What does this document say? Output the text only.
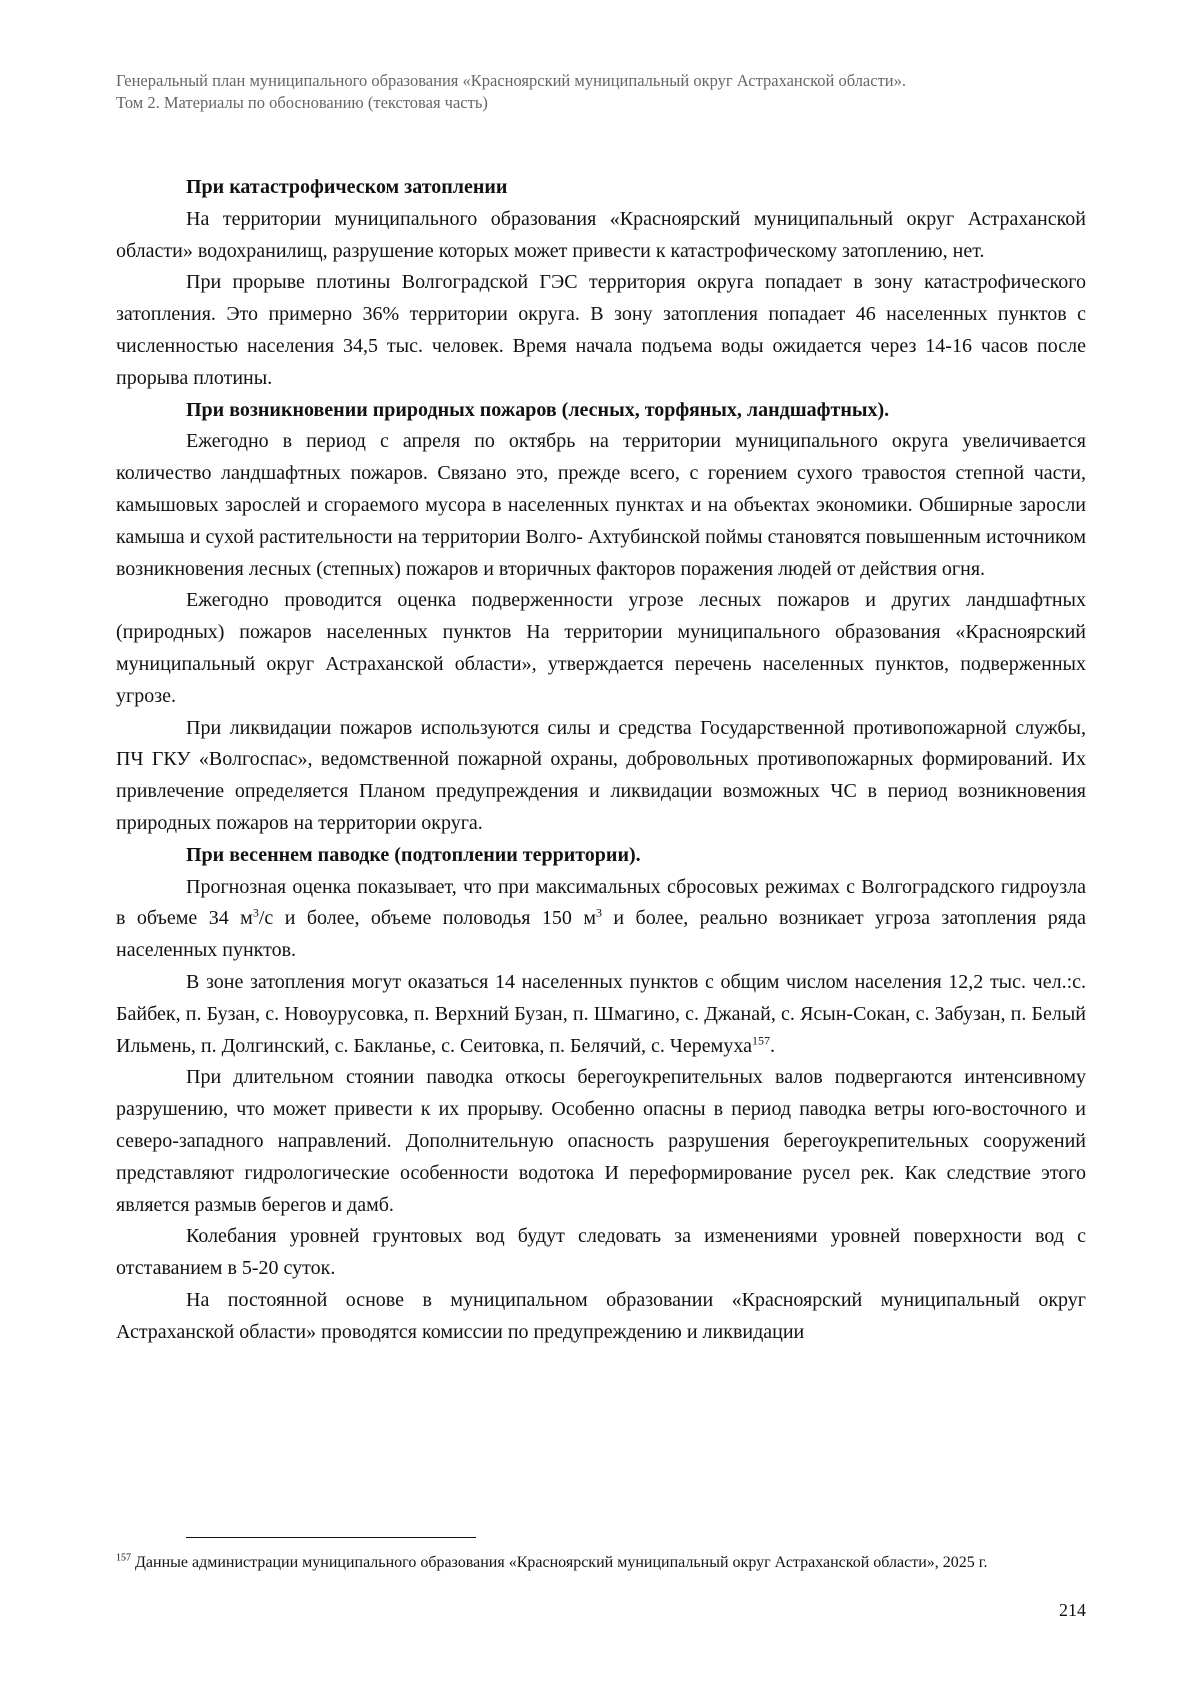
Генеральный план муниципального образования «Красноярский муниципальный округ Астраханской области».

Том 2. Материалы по обоснованию (текстовая часть)

При катастрофическом затоплении

На территории муниципального образования «Красноярский муниципальный округ Астраханской области» водохранилищ, разрушение которых может привести к катастрофическому затоплению, нет.

При прорыве плотины Волгоградской ГЭС территория округа попадает в зону катастрофического затопления. Это примерно 36% территории округа. В зону затопления попадает 46 населенных пунктов с численностью населения 34,5 тыс. человек. Время начала подъема воды ожидается через 14-16 часов после прорыва плотины.

При возникновении природных пожаров (лесных, торфяных, ландшафтных).

Ежегодно в период с апреля по октябрь на территории муниципального округа увеличивается количество ландшафтных пожаров. Связано это, прежде всего, с горением сухого травостоя степной части, камышовых зарослей и сгораемого мусора в населенных пунктах и на объектах экономики. Обширные заросли камыша и сухой растительности на территории Волго- Ахтубинской поймы становятся повышенным источником возникновения лесных (степных) пожаров и вторичных факторов поражения людей от действия огня.

Ежегодно проводится оценка подверженности угрозе лесных пожаров и других ландшафтных (природных) пожаров населенных пунктов На территории муниципального образования «Красноярский муниципальный округ Астраханской области», утверждается перечень населенных пунктов, подверженных угрозе.

При ликвидации пожаров используются силы и средства Государственной противопожарной службы, ПЧ ГКУ «Волгоспас», ведомственной пожарной охраны, добровольных противопожарных формирований. Их привлечение определяется Планом предупреждения и ликвидации возможных ЧС в период возникновения природных пожаров на территории округа.

При весеннем паводке (подтоплении территории).

Прогнозная оценка показывает, что при максимальных сбросовых режимах с Волгоградского гидроузла в объеме 34 $м^3/с$ и более, объеме половодья 150 $м^3$ и более, реально возникает угроза затопления ряда населенных пунктов.

В зоне затопления могут оказаться 14 населенных пунктов с общим числом населения 12,2 тыс. чел.:с. Байбек, п. Бузан, с. Новоурусовка, п. Верхний Бузан, п. Шмагино, с. Джанай, с. Ясын-Сокан, с. Забузан, п. Белый Ильмень, п. Долгинский, с. Бакланье, с. Сеитовка, п. Белячий, с. Черемуха$^{157}$.

При длительном стоянии паводка откосы берегоукрепительных валов подвергаются интенсивному разрушению, что может привести к их прорыву. Особенно опасны в период паводка ветры юго-восточного и северо-западного направлений. Дополнительную опасность разрушения берегоукрепительных сооружений представляют гидрологические особенности водотока И переформирование русел рек. Как следствие этого является размыв берегов и дамб.

Колебания уровней грунтовых вод будут следовать за изменениями уровней поверхности вод с отставанием в 5-20 суток.

На постоянной основе в муниципальном образовании «Красноярский муниципальный округ Астраханской области» проводятся комиссии по предупреждению и ликвидации

$^{157}$ Данные администрации муниципального образования «Красноярский муниципальный округ Астраханской области», 2025 г.

214
